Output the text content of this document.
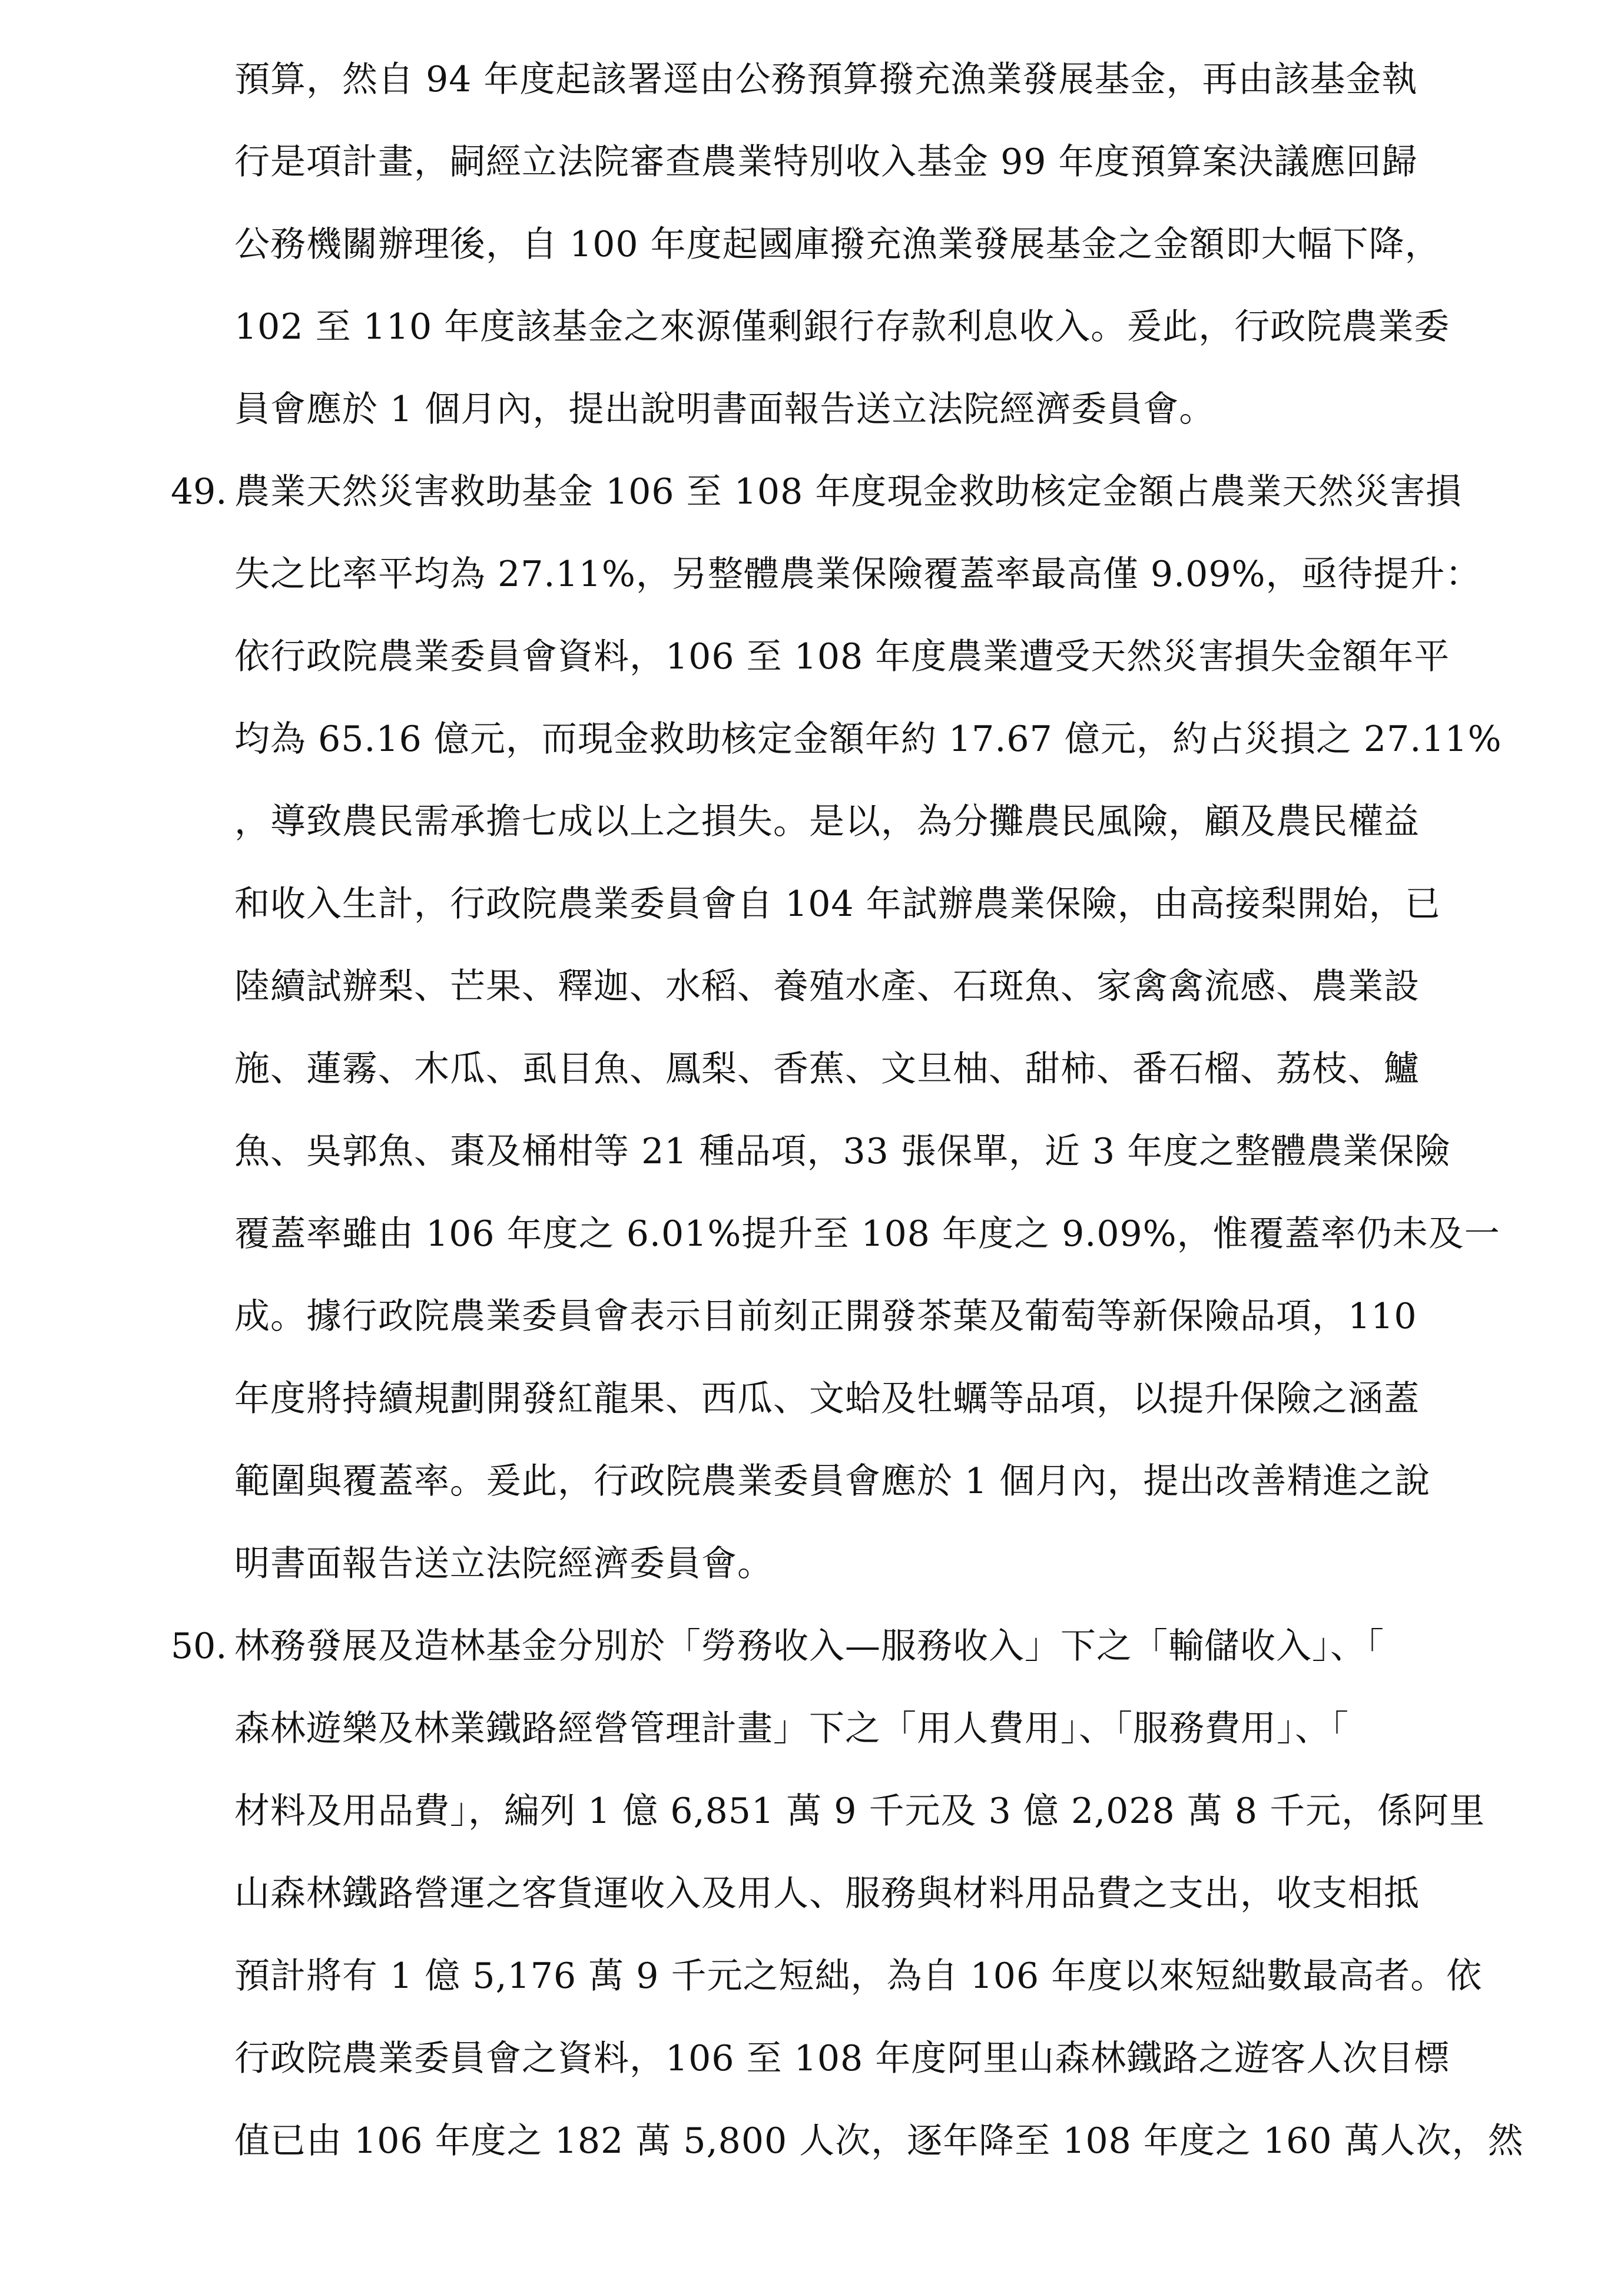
預算，然自 94 年度起該署逕由公務預算撥充漁業發展基金，再由該基金執
行是項計畫，嗣經立法院審查農業特別收入基金 99 年度預算案決議應回歸
公務機關辦理後，自 100 年度起國庫撥充漁業發展基金之金額即大幅下降，
102 至 110 年度該基金之來源僅剩銀行存款利息收入。爰此，行政院農業委
員會應於 1 個月內，提出說明書面報告送立法院經濟委員會。
49. 農業天然災害救助基金 106 至 108 年度現金救助核定金額占農業天然災害損
失之比率平均為 27.11%，另整體農業保險覆蓋率最高僅 9.09%，亟待提升：
依行政院農業委員會資料，106 至 108 年度農業遭受天然災害損失金額年平
均為 65.16 億元，而現金救助核定金額年約 17.67 億元，約占災損之 27.11%
，導致農民需承擔七成以上之損失。是以，為分攤農民風險，顧及農民權益
和收入生計，行政院農業委員會自 104 年試辦農業保險，由高接梨開始，已
陸續試辦梨、芒果、釋迦、水稻、養殖水產、石斑魚、家禽禽流感、農業設
施、蓮霧、木瓜、虱目魚、鳳梨、香蕉、文旦柚、甜柿、番石榴、荔枝、鱸
魚、吳郭魚、棗及桶柑等 21 種品項，33 張保單，近 3 年度之整體農業保險
覆蓋率雖由 106 年度之 6.01%提升至 108 年度之 9.09%，惟覆蓋率仍未及一
成。據行政院農業委員會表示目前刻正開發茶葉及葡萄等新保險品項，110
年度將持續規劃開發紅龍果、西瓜、文蛤及牡蠣等品項，以提升保險之涵蓋
範圍與覆蓋率。爰此，行政院農業委員會應於 1 個月內，提出改善精進之說
明書面報告送立法院經濟委員會。
50. 林務發展及造林基金分別於「勞務收入—服務收入」下之「輸儲收入」、「
森林遊樂及林業鐵路經營管理計畫」下之「用人費用」、「服務費用」、「
材料及用品費」，編列 1 億 6,851 萬 9 千元及 3 億 2,028 萬 8 千元，係阿里
山森林鐵路營運之客貨運收入及用人、服務與材料用品費之支出，收支相抵
預計將有 1 億 5,176 萬 9 千元之短絀，為自 106 年度以來短絀數最高者。依
行政院農業委員會之資料，106 至 108 年度阿里山森林鐵路之遊客人次目標
值已由 106 年度之 182 萬 5,800 人次，逐年降至 108 年度之 160 萬人次，然
